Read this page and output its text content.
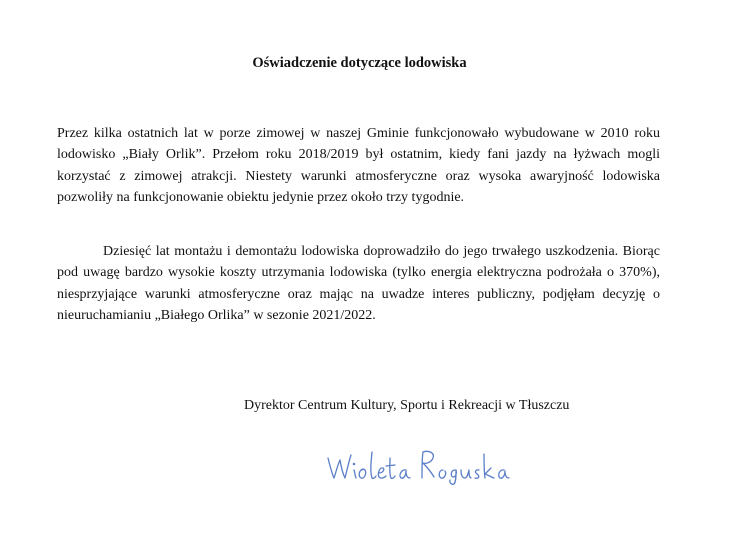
Oświadczenie dotyczące lodowiska

Przez kilka ostatnich lat w porze zimowej w naszej Gminie funkcjonowało wybudowane w 2010 roku lodowisko „Biały Orlik”. Przełom roku 2018/2019 był ostatnim, kiedy fani jazdy na łyżwach mogli korzystać z zimowej atrakcji. Niestety warunki atmosferyczne oraz wysoka awaryjność lodowiska pozwoliły na funkcjonowanie obiektu jedynie przez około trzy tygodnie.

Dziesięć lat montażu i demontażu lodowiska doprowadziło do jego trwałego uszkodzenia. Biorąc pod uwagę bardzo wysokie koszty utrzymania lodowiska (tylko energia elektryczna podrożała o 370%), niesprzyjające warunki atmosferyczne oraz mając na uwadze interes publiczny, podjęłam decyzję o nieuruchamianiu „Białego Orlika” w sezonie 2021/2022.

Dyrektor Centrum Kultury, Sportu i Rekreacji w Tłuszczu
